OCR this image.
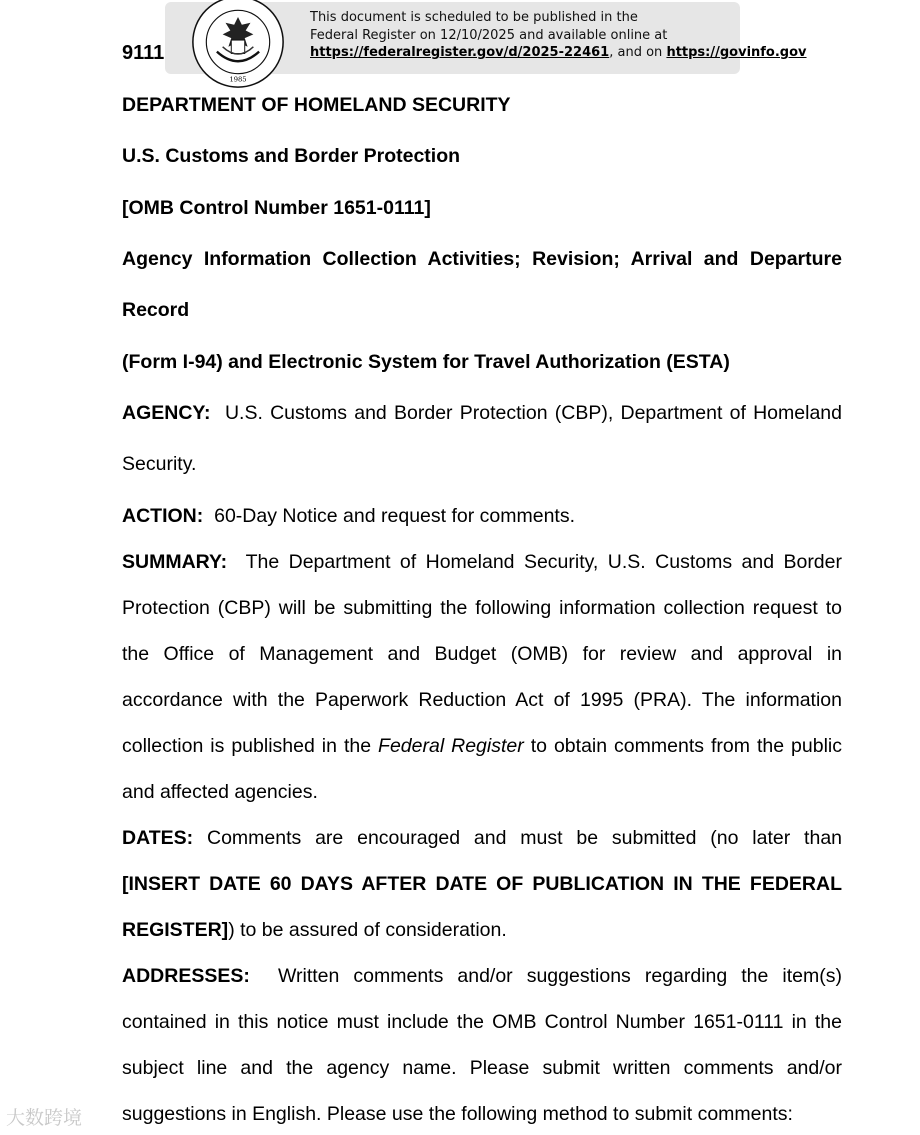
1985
This document is scheduled to be published in the
Federal Register on 12/10/2025 and available online at
https://federalregister.gov/d/2025-22461, and on https://govinfo.gov
9111
DEPARTMENT OF HOMELAND SECURITY
U.S. Customs and Border Protection
[OMB Control Number 1651-0111]
Agency Information Collection Activities; Revision; Arrival and Departure
Record
(Form I-94) and Electronic System for Travel Authorization (ESTA)
AGENCY: U.S. Customs and Border Protection (CBP), Department of Homeland
Security.
ACTION: 60-Day Notice and request for comments.
SUMMARY: The Department of Homeland Security, U.S. Customs and Border
Protection (CBP) will be submitting the following information collection request to
the Office of Management and Budget (OMB) for review and approval in
accordance with the Paperwork Reduction Act of 1995 (PRA). The information
collection is published in the Federal Register to obtain comments from the public
and affected agencies.
DATES: Comments are encouraged and must be submitted (no later than
[INSERT DATE 60 DAYS AFTER DATE OF PUBLICATION IN THE FEDERAL
REGISTER]) to be assured of consideration.
ADDRESSES: Written comments and/or suggestions regarding the item(s)
contained in this notice must include the OMB Control Number 1651-0111 in the
subject line and the agency name. Please submit written comments and/or
suggestions in English. Please use the following method to submit comments:
大数跨境
